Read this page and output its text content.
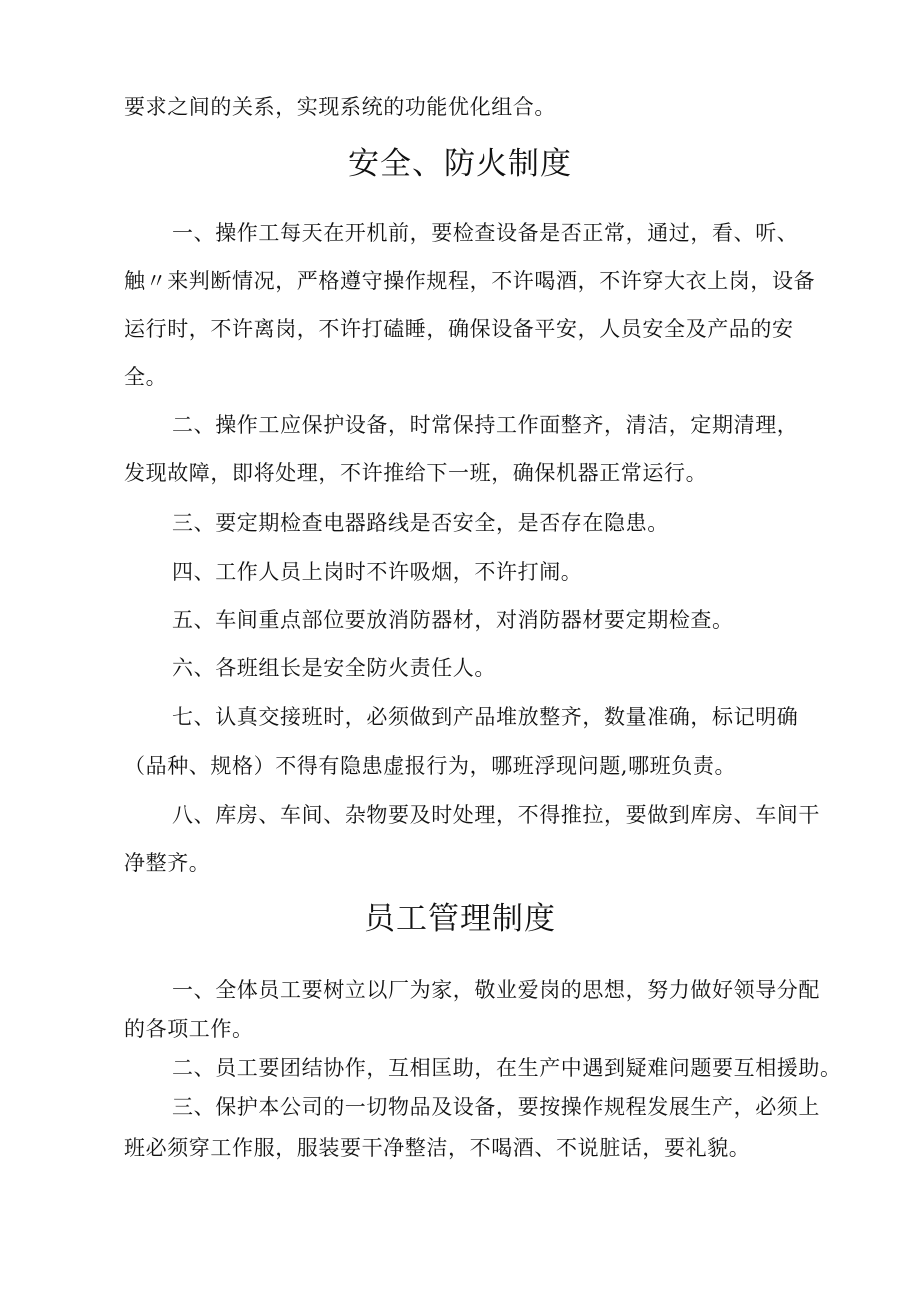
要求之间的关系，实现系统的功能优化组合。
安全、防火制度
一、操作工每天在开机前，要检查设备是否正常，通过，看、听、
触〃来判断情况，严格遵守操作规程，不许喝酒，不许穿大衣上岗，设备
运行时，不许离岗，不许打磕睡，确保设备平安，人员安全及产品的安
全。
二、操作工应保护设备，时常保持工作面整齐，清洁，定期清理，
发现故障，即将处理，不许推给下一班，确保机器正常运行。
三、要定期检查电器路线是否安全，是否存在隐患。
四、工作人员上岗时不许吸烟，不许打闹。
五、车间重点部位要放消防器材，对消防器材要定期检查。
六、各班组长是安全防火责任人。
七、认真交接班时，必须做到产品堆放整齐，数量准确，标记明确
（品种、规格）不得有隐患虚报行为，哪班浮现问题,哪班负责。
八、库房、车间、杂物要及时处理，不得推拉，要做到库房、车间干
净整齐。
员工管理制度
一、全体员工要树立以厂为家，敬业爱岗的思想，努力做好领导分配
的各项工作。
二、员工要团结协作，互相匡助，在生产中遇到疑难问题要互相援助。
三、保护本公司的一切物品及设备，要按操作规程发展生产，必须上
班必须穿工作服，服装要干净整洁，不喝酒、不说脏话，要礼貌。
